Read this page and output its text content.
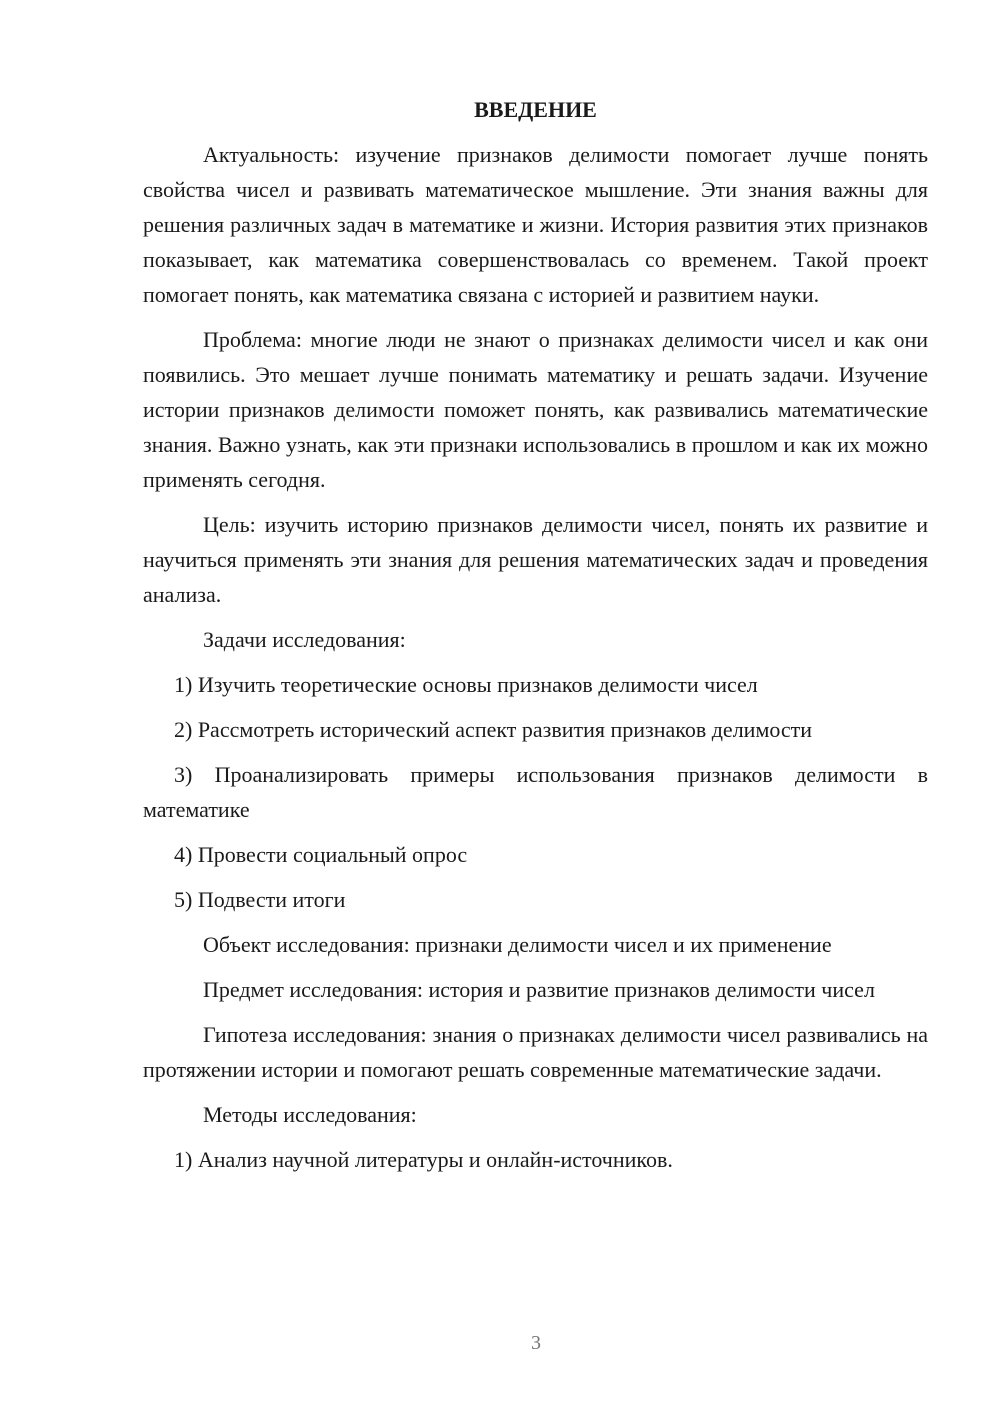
ВВЕДЕНИЕ

Актуальность: изучение признаков делимости помогает лучше понять свойства чисел и развивать математическое мышление. Эти знания важны для решения различных задач в математике и жизни. История развития этих признаков показывает, как математика совершенствовалась со временем. Такой проект помогает понять, как математика связана с историей и развитием науки.

Проблема: многие люди не знают о признаках делимости чисел и как они появились. Это мешает лучше понимать математику и решать задачи. Изучение истории признаков делимости поможет понять, как развивались математические знания. Важно узнать, как эти признаки использовались в прошлом и как их можно применять сегодня.

Цель: изучить историю признаков делимости чисел, понять их развитие и научиться применять эти знания для решения математических задач и проведения анализа.

Задачи исследования:

1) Изучить теоретические основы признаков делимости чисел

2) Рассмотреть исторический аспект развития признаков делимости

3) Проанализировать примеры использования признаков делимости в математике

4) Провести социальный опрос

5) Подвести итоги

Объект исследования: признаки делимости чисел и их применение

Предмет исследования: история и развитие признаков делимости чисел

Гипотеза исследования: знания о признаках делимости чисел развивались на протяжении истории и помогают решать современные математические задачи.

Методы исследования:

1) Анализ научной литературы и онлайн-источников.

3
